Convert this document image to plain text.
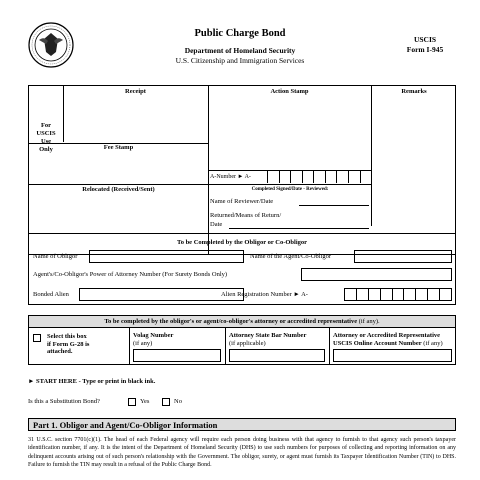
Public Charge Bond
Department of Homeland Security
U.S. Citizenship and Immigration Services
USCIS
Form I-945
For
USCIS
Use
Only
Receipt	Action Stamp	Remarks
Fee Stamp
Relocated (Received/Sent)
A-Number ► A-
Completed Signed/Date - Reviewed:
Name of Reviewer/Date
Returned/Means of Return/
Date
To be Completed by the Obligor or Co-Obligor
Name of Obligor	Name of the Agent/Co-Obligor
Agent's/Co-Obligor's Power of Attorney Number (For Surety Bonds Only)
Bonded Alien	Alien Registration Number ► A-
To be completed by the obligor's or agent/co-obligor's attorney or accredited representative (if any).
Select this box
if Form G-28 is
attached.
Volag Number
(if any)
Attorney State Bar Number
(if applicable)
Attorney or Accredited Representative
USCIS Online Account Number (if any)
► START HERE - Type or print in black ink.
Is this a Substitution Bond?	Yes	No
Part 1. Obligor and Agent/Co-Obligor Information
31 U.S.C. section 7701(c)(1). The head of each Federal agency will require each person doing business with that agency to furnish to that agency such person's taxpayer identification number, if any. It is the intent of the Department of Homeland Security (DHS) to use such numbers for purposes of collecting and reporting information on any delinquent accounts arising out of such person's relationship with the Government. The obligor, surety, or agent must furnish its Taxpayer Identification Number (TIN) to DHS. Failure to furnish the TIN may result in a refusal of the Public Charge Bond.
